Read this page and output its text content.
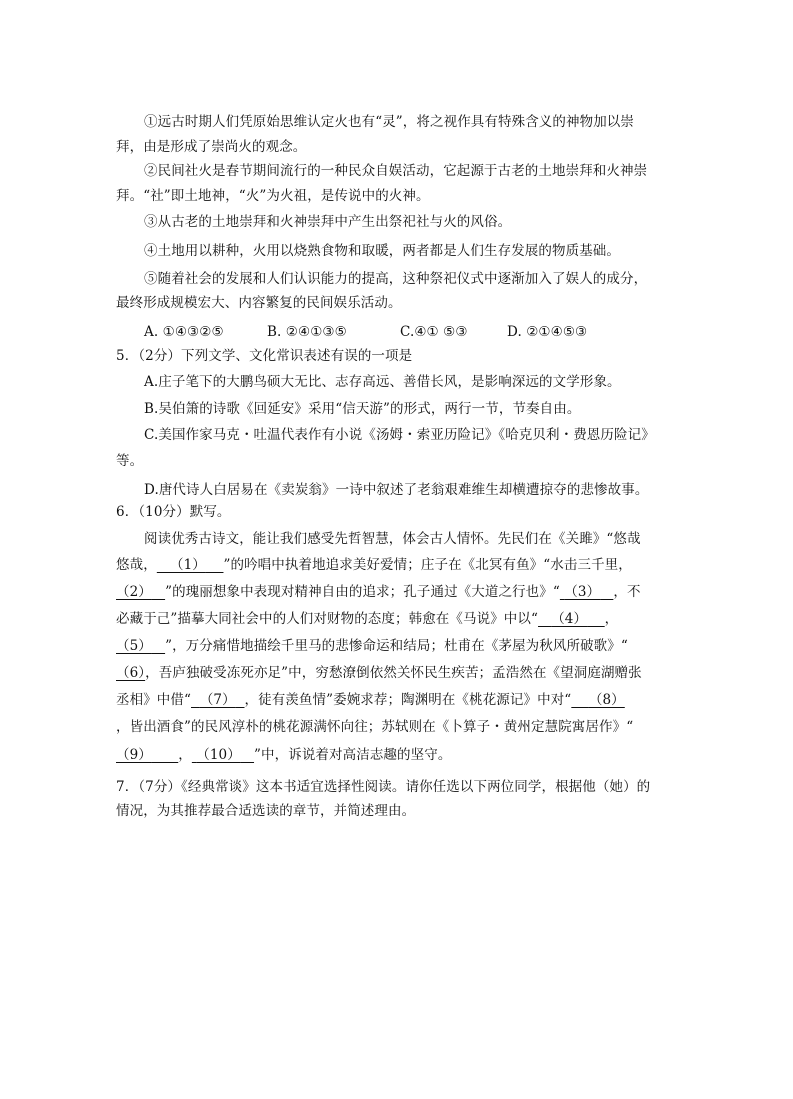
①远古时期人们凭原始思维认定火也有“灵”，将之视作具有特殊含义的神物加以崇
拜，由是形成了崇尚火的观念。
②民间社火是春节期间流行的一种民众自娱活动，它起源于古老的土地崇拜和火神崇
拜。“社”即土地神，“火”为火祖，是传说中的火神。
③从古老的土地崇拜和火神崇拜中产生出祭祀社与火的风俗。
④土地用以耕种，火用以烧熟食物和取暖，两者都是人们生存发展的物质基础。
⑤随着社会的发展和人们认识能力的提高，这种祭祀仪式中逐渐加入了娱人的成分，
最终形成规模宏大、内容繁复的民间娱乐活动。
A. ①④③②⑤	B. ②④①③⑤	C.④① ⑤③	D. ②①④⑤③
5．（2分）下列文学、文化常识表述有误的一项是
A.庄子笔下的大鹏鸟硕大无比、志存高远、善借长风，是影响深远的文学形象。
B.吴伯箫的诗歌《回延安》采用“信天游”的形式，两行一节，节奏自由。
C.美国作家马克・吐温代表作有小说《汤姆・索亚历险记》《哈克贝利・费恩历险记》
等。
D.唐代诗人白居易在《卖炭翁》一诗中叙述了老翁艰难维生却横遭掠夺的悲惨故事。
6．（10分）默写。
阅读优秀古诗文，能让我们感受先哲智慧，体会古人情怀。先民们在《关雎》“悠哉
悠哉， （1） ”的吟唱中执着地追求美好爱情；庄子在《北冥有鱼》“水击三千里，
（2） ”的瑰丽想象中表现对精神自由的追求；孔子通过《大道之行也》“ （3） ，不
必藏于己”描摹大同社会中的人们对财物的态度；韩愈在《马说》中以“ （4） ，
（5） ”，万分痛惜地描绘千里马的悲惨命运和结局；杜甫在《茅屋为秋风所破歌》“
（6），吾庐独破受冻死亦足”中，穷愁潦倒依然关怀民生疾苦；孟浩然在《望洞庭湖赠张
丞相》中借“ （7） ，徒有羡鱼情”委婉求荐；陶渊明在《桃花源记》中对“ （8）
，皆出酒食”的民风淳朴的桃花源满怀向往；苏轼则在《卜算子・黄州定慧院寓居作》“
（9） ， （10） ”中，诉说着对高洁志趣的坚守。
7．（7分）《经典常谈》这本书适宜选择性阅读。请你任选以下两位同学，根据他（她）的
情况，为其推荐最合适选读的章节，并简述理由。
